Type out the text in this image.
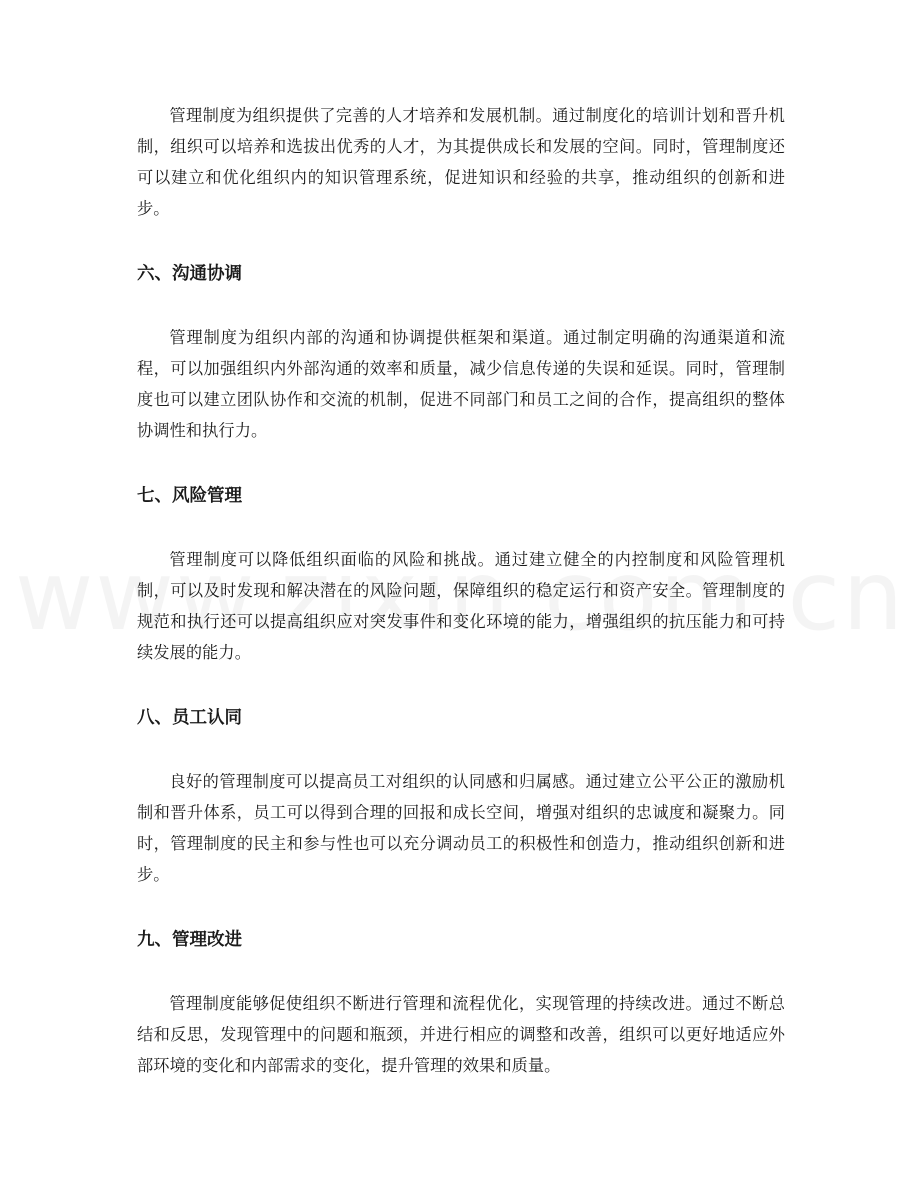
管理制度为组织提供了完善的人才培养和发展机制。通过制度化的培训计划和晋升机制，组织可以培养和选拔出优秀的人才，为其提供成长和发展的空间。同时，管理制度还可以建立和优化组织内的知识管理系统，促进知识和经验的共享，推动组织的创新和进步。

六、沟通协调

管理制度为组织内部的沟通和协调提供框架和渠道。通过制定明确的沟通渠道和流程，可以加强组织内外部沟通的效率和质量，减少信息传递的失误和延误。同时，管理制度也可以建立团队协作和交流的机制，促进不同部门和员工之间的合作，提高组织的整体协调性和执行力。

七、风险管理

管理制度可以降低组织面临的风险和挑战。通过建立健全的内控制度和风险管理机制，可以及时发现和解决潜在的风险问题，保障组织的稳定运行和资产安全。管理制度的规范和执行还可以提高组织应对突发事件和变化环境的能力，增强组织的抗压能力和可持续发展的能力。

八、员工认同

良好的管理制度可以提高员工对组织的认同感和归属感。通过建立公平公正的激励机制和晋升体系，员工可以得到合理的回报和成长空间，增强对组织的忠诚度和凝聚力。同时，管理制度的民主和参与性也可以充分调动员工的积极性和创造力，推动组织创新和进步。

九、管理改进

管理制度能够促使组织不断进行管理和流程优化，实现管理的持续改进。通过不断总结和反思，发现管理中的问题和瓶颈，并进行相应的调整和改善，组织可以更好地适应外部环境的变化和内部需求的变化，提升管理的效果和质量。
